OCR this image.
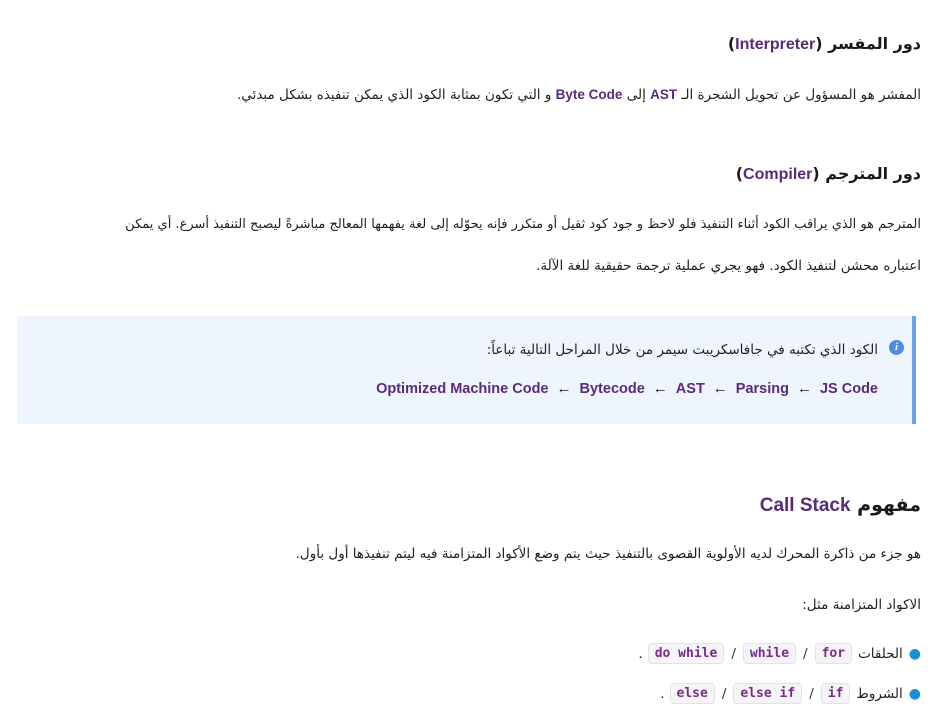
دور المفسر (Interpreter)
المفشر هو المسؤول عن تحويل الشجرة الـ AST إلى Byte Code و التي تكون بمثابة الكود الذي يمكن تنفيذه بشكل مبدئي.
دور المترجم (Compiler)
المترجم هو الذي يراقب الكود أثناء التنفيذ فلو لاحظ و جود كود ثقيل أو متكرر فإنه يحوّله إلى لغة يفهمها المعالج مباشرةً ليصبح التنفيذ أسرع. أي يمكن
اعتباره محشن لتنفيذ الكود. فهو يجري عملية ترجمة حقيقية للغة الآلة.
i
الكود الذي تكتبه في جافاسكريبت سيمر من خلال المراحل التالية تباعاً:
JS Code
←
Parsing
←
AST
←
Bytecode
←
Optimized Machine Code
مفهوم Call Stack
هو جزء من ذاكرة المحرك لديه الأولوية القصوى بالتنفيذ حيث يتم وضع الأكواد المتزامنة فيه ليتم تنفيذها أول بأول.
الاكواد المتزامنة مثل:
●
الحلقات
for
/
while
/
do while
.
●
الشروط
if
/
else if
/
else
.
